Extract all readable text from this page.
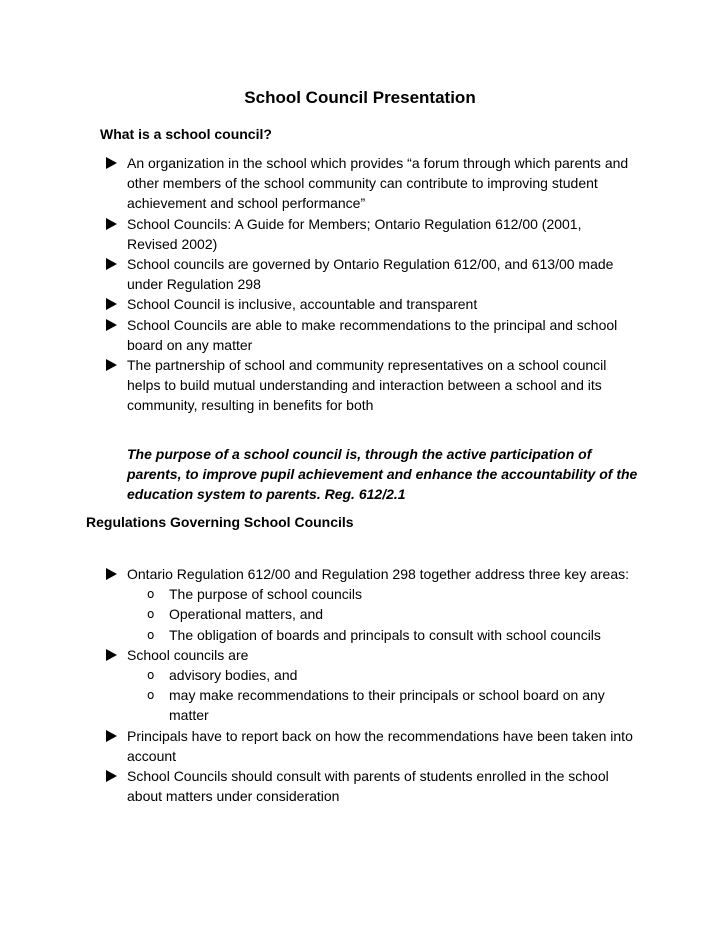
School Council Presentation

What is a school council?

An organization in the school which provides “a forum through which parents and other members of the school community can contribute to improving student achievement and school performance”
School Councils: A Guide for Members; Ontario Regulation 612/00 (2001, Revised 2002)
School councils are governed by Ontario Regulation 612/00, and 613/00 made under Regulation 298
School Council is inclusive, accountable and transparent
School Councils are able to make recommendations to the principal and school board on any matter
The partnership of school and community representatives on a school council helps to build mutual understanding and interaction between a school and its community, resulting in benefits for both

The purpose of a school council is, through the active participation of parents, to improve pupil achievement and enhance the accountability of the education system to parents. Reg. 612/2.1

Regulations Governing School Councils

Ontario Regulation 612/00 and Regulation 298 together address three key areas:
o The purpose of school councils
o Operational matters, and
o The obligation of boards and principals to consult with school councils
School councils are
o advisory bodies, and
o may make recommendations to their principals or school board on any matter
Principals have to report back on how the recommendations have been taken into account
School Councils should consult with parents of students enrolled in the school about matters under consideration
